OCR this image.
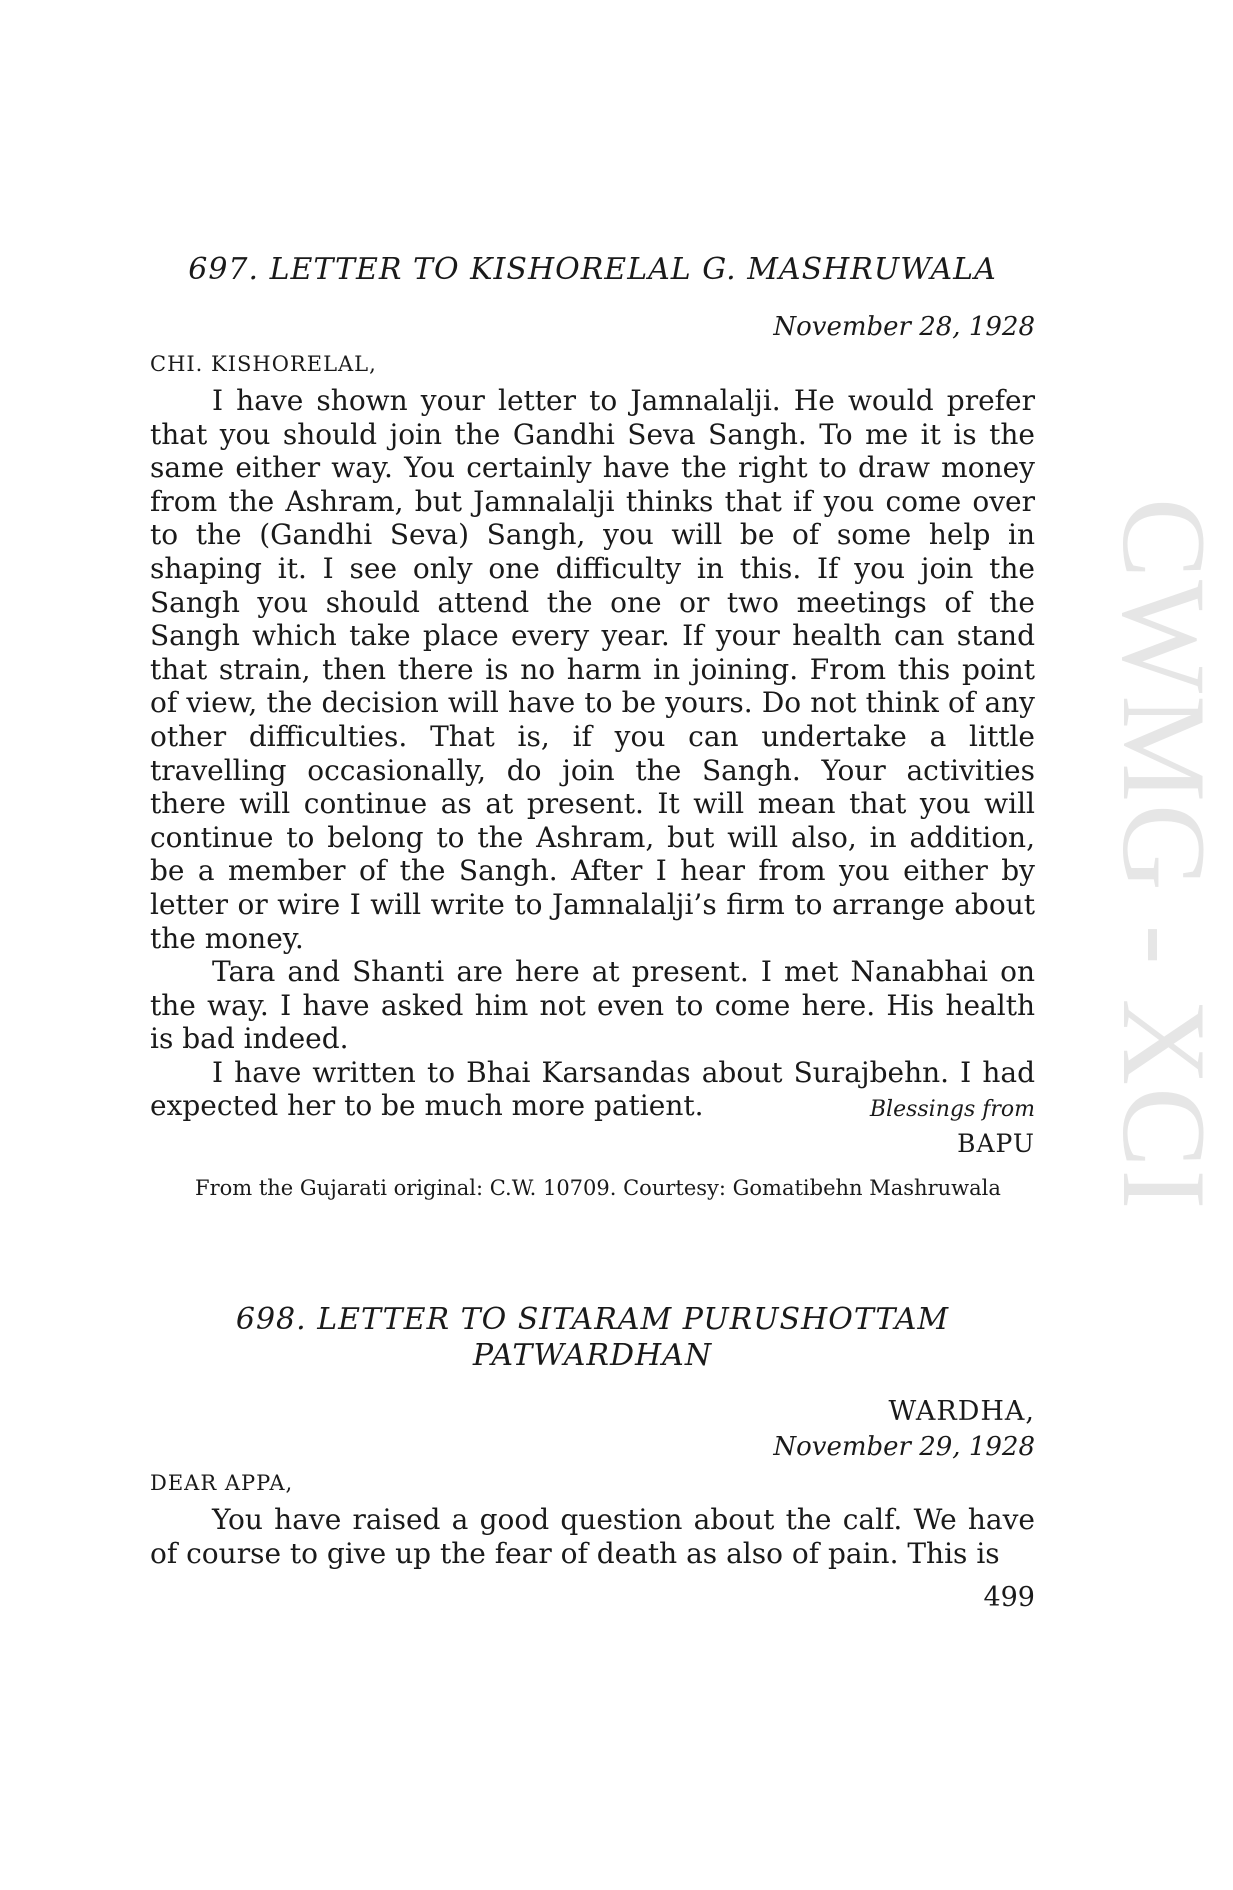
CWMG - XCI
697. LETTER TO KISHORELAL G. MASHRUWALA
November 28, 1928
CHI. KISHORELAL,

I have shown your letter to Jamnalalji. He would prefer that you should join the Gandhi Seva Sangh. To me it is the same either way. You certainly have the right to draw money from the Ashram, but Jamnalalji thinks that if you come over to the (Gandhi Seva) Sangh, you will be of some help in shaping it. I see only one difficulty in this. If you join the Sangh you should attend the one or two meetings of the Sangh which take place every year. If your health can stand that strain, then there is no harm in joining. From this point of view, the decision will have to be yours. Do not think of any other difficulties. That is, if you can undertake a little travelling occasionally, do join the Sangh. Your activities there will continue as at present. It will mean that you will continue to belong to the Ashram, but will also, in addition, be a member of the Sangh. After I hear from you either by letter or wire I will write to Jamnalalji’s firm to arrange about the money.

Tara and Shanti are here at present. I met Nanabhai on the way. I have asked him not even to come here. His health is bad indeed.

I have written to Bhai Karsandas about Surajbehn. I had expected her to be much more patient.	Blessings from
BAPU
From the Gujarati original: C.W. 10709. Courtesy: Gomatibehn Mashruwala
698. LETTER TO SITARAM PURUSHOTTAM
PATWARDHAN
WARDHA,
November 29, 1928
DEAR APPA,

You have raised a good question about the calf. We have of course to give up the fear of death as also of pain. This is

499
